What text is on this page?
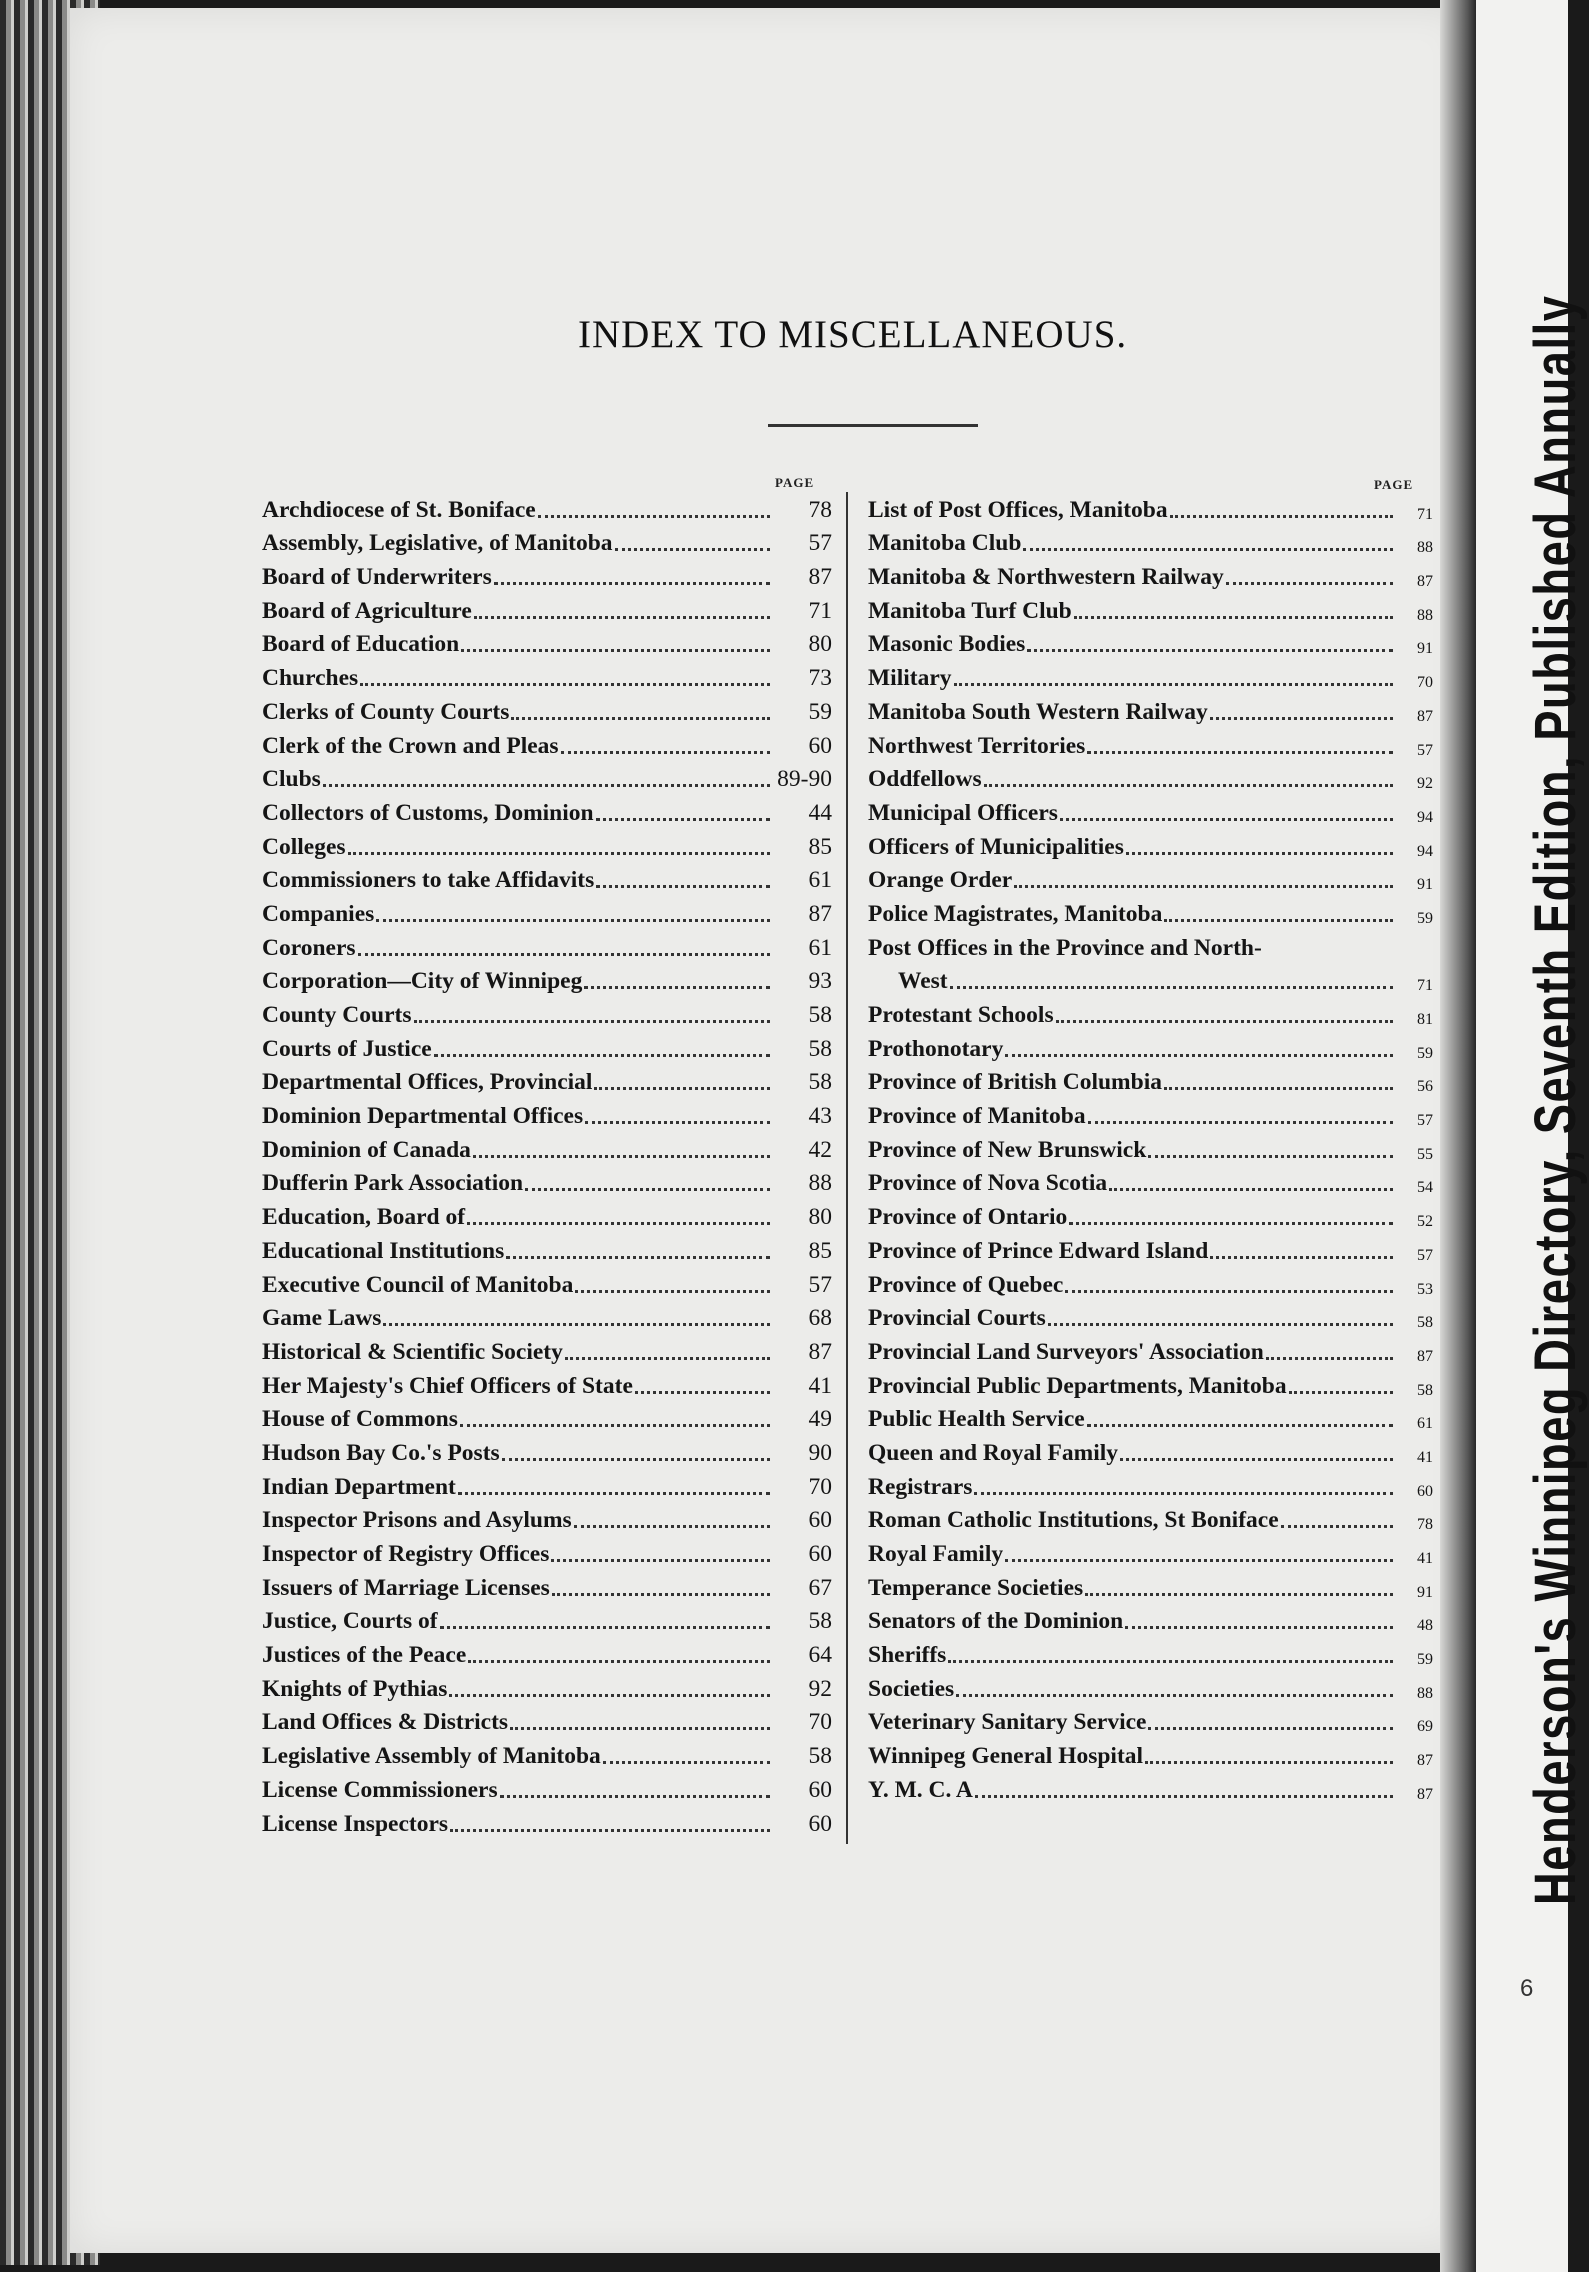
Henderson's Winnipeg Directory, Seventh Edition, Published Annually
6
INDEX TO MISCELLANEOUS.
PAGE	PAGE
Archdiocese of St. Boniface	78
Assembly, Legislative, of Manitoba	57
Board of Underwriters	87
Board of Agriculture	71
Board of Education	80
Churches	73
Clerks of County Courts	59
Clerk of the Crown and Pleas	60
Clubs	89-90
Collectors of Customs, Dominion	44
Colleges	85
Commissioners to take Affidavits	61
Companies	87
Coroners	61
Corporation—City of Winnipeg	93
County Courts	58
Courts of Justice	58
Departmental Offices, Provincial	58
Dominion Departmental Offices	43
Dominion of Canada	42
Dufferin Park Association	88
Education, Board of	80
Educational Institutions	85
Executive Council of Manitoba	57
Game Laws	68
Historical & Scientific Society	87
Her Majesty's Chief Officers of State	41
House of Commons	49
Hudson Bay Co.'s Posts	90
Indian Department	70
Inspector Prisons and Asylums	60
Inspector of Registry Offices	60
Issuers of Marriage Licenses	67
Justice, Courts of	58
Justices of the Peace	64
Knights of Pythias	92
Land Offices & Districts	70
Legislative Assembly of Manitoba	58
License Commissioners	60
License Inspectors	60
List of Post Offices, Manitoba	71
Manitoba Club	88
Manitoba & Northwestern Railway	87
Manitoba Turf Club	88
Masonic Bodies	91
Military	70
Manitoba South Western Railway	87
Northwest Territories	57
Oddfellows	92
Municipal Officers	94
Officers of Municipalities	94
Orange Order	91
Police Magistrates, Manitoba	59
Post Offices in the Province and North-
West	71
Protestant Schools	81
Prothonotary	59
Province of British Columbia	56
Province of Manitoba	57
Province of New Brunswick	55
Province of Nova Scotia	54
Province of Ontario	52
Province of Prince Edward Island	57
Province of Quebec	53
Provincial Courts	58
Provincial Land Surveyors' Association	87
Provincial Public Departments, Manitoba	58
Public Health Service	61
Queen and Royal Family	41
Registrars	60
Roman Catholic Institutions, St Boniface	78
Royal Family	41
Temperance Societies	91
Senators of the Dominion	48
Sheriffs	59
Societies	88
Veterinary Sanitary Service	69
Winnipeg General Hospital	87
Y. M. C. A	87
